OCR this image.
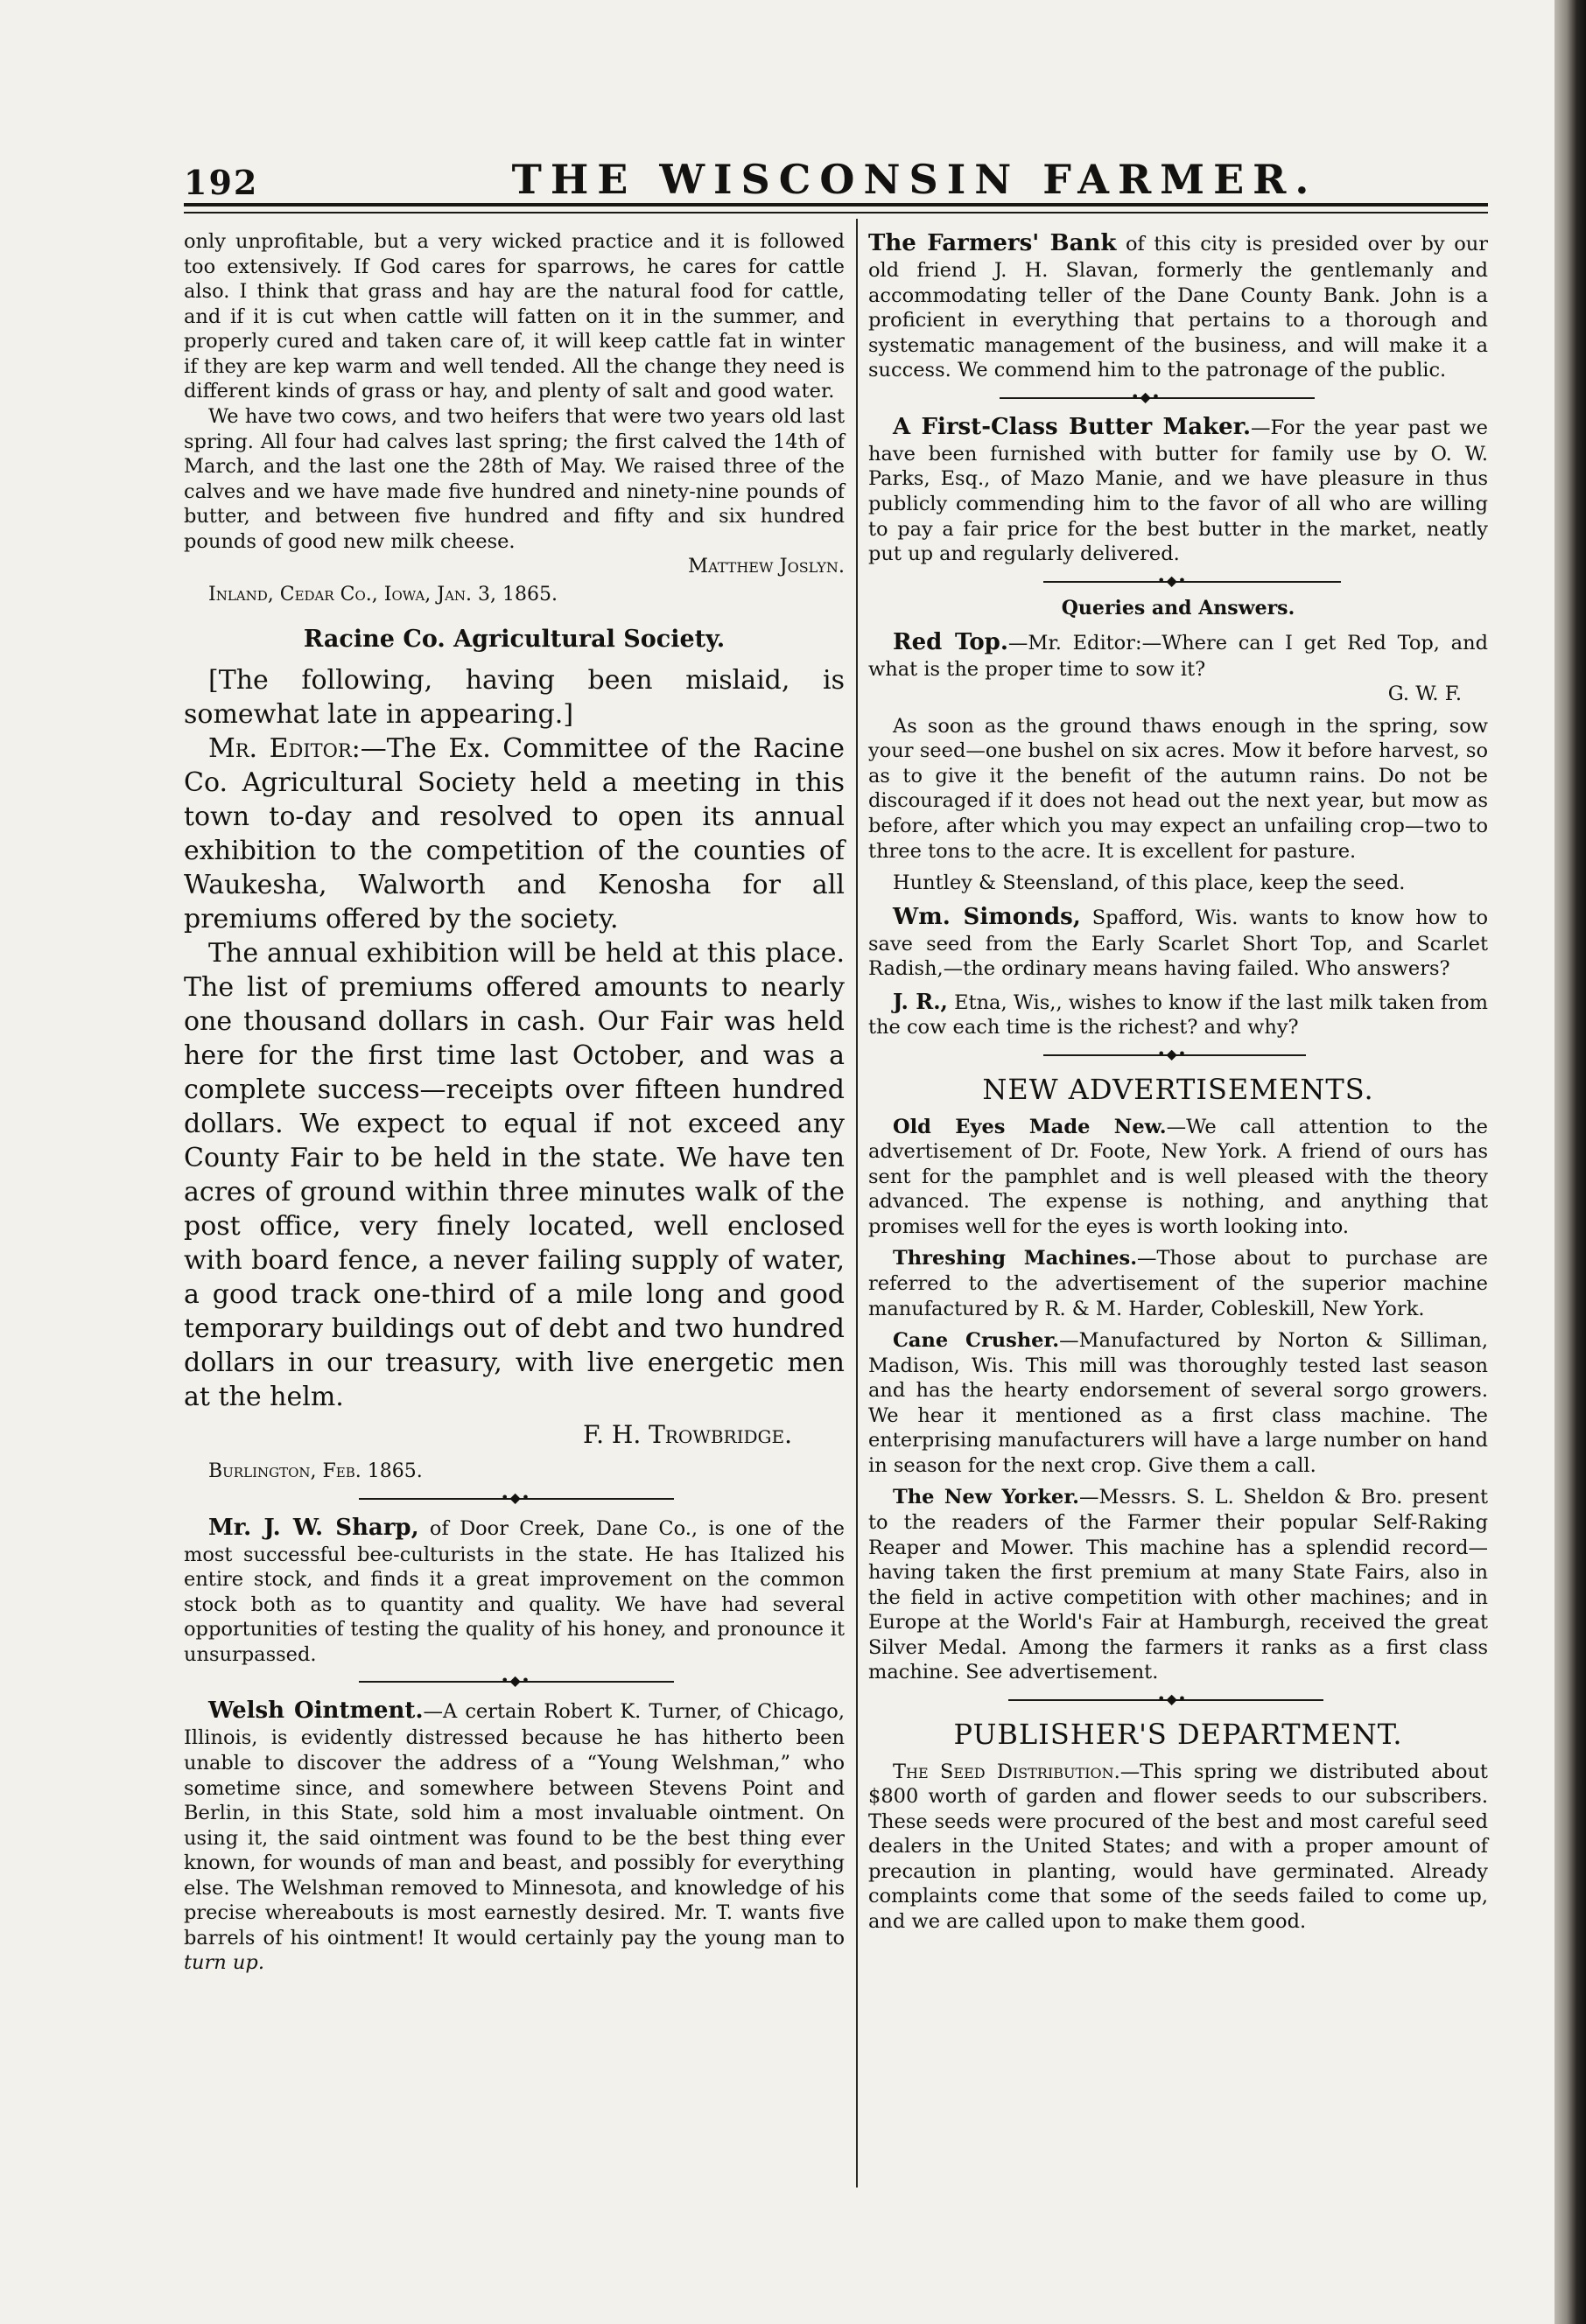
192	THE WISCONSIN FARMER.

only unprofitable, but a very wicked practice and it is followed too extensively. If God cares for sparrows, he cares for cattle also. I think that grass and hay are the natural food for cattle, and if it is cut when cattle will fatten on it in the summer, and properly cured and taken care of, it will keep cattle fat in winter if they are kep warm and well tended. All the change they need is different kinds of grass or hay, and plenty of salt and good water.

We have two cows, and two heifers that were two years old last spring. All four had calves last spring; the first calved the 14th of March, and the last one the 28th of May. We raised three of the calves and we have made five hundred and ninety-nine pounds of butter, and between five hundred and fifty and six hundred pounds of good new milk cheese.

Matthew Joslyn.

Inland, Cedar Co., Iowa, Jan. 3, 1865.

Racine Co. Agricultural Society.

[The following, having been mislaid, is somewhat late in appearing.]

Mr. Editor:—The Ex. Committee of the Racine Co. Agricultural Society held a meeting in this town to-day and resolved to open its annual exhibition to the competition of the counties of Waukesha, Walworth and Kenosha for all premiums offered by the society.

The annual exhibition will be held at this place. The list of premiums offered amounts to nearly one thousand dollars in cash. Our Fair was held here for the first time last October, and was a complete success—receipts over fifteen hundred dollars. We expect to equal if not exceed any County Fair to be held in the state. We have ten acres of ground within three minutes walk of the post office, very finely located, well enclosed with board fence, a never failing supply of water, a good track one-third of a mile long and good temporary buildings out of debt and two hundred dollars in our treasury, with live energetic men at the helm.

F. H. Trowbridge.

Burlington, Feb. 1865.

•◆•

Mr. J. W. Sharp, of Door Creek, Dane Co., is one of the most successful bee-culturists in the state. He has Italized his entire stock, and finds it a great improvement on the common stock both as to quantity and quality. We have had several opportunities of testing the quality of his honey, and pronounce it unsurpassed.

•◆•

Welsh Ointment.—A certain Robert K. Turner, of Chicago, Illinois, is evidently distressed because he has hitherto been unable to discover the address of a “Young Welshman,” who sometime since, and somewhere between Stevens Point and Berlin, in this State, sold him a most invaluable ointment. On using it, the said ointment was found to be the best thing ever known, for wounds of man and beast, and possibly for everything else. The Welshman removed to Minnesota, and knowledge of his precise whereabouts is most earnestly desired. Mr. T. wants five barrels of his ointment! It would certainly pay the young man to turn up.

The Farmers' Bank of this city is presided over by our old friend J. H. Slavan, formerly the gentlemanly and accommodating teller of the Dane County Bank. John is a proficient in everything that pertains to a thorough and systematic management of the business, and will make it a success. We commend him to the patronage of the public.

•◆•

A First-Class Butter Maker.—For the year past we have been furnished with butter for family use by O. W. Parks, Esq., of Mazo Manie, and we have pleasure in thus publicly commending him to the favor of all who are willing to pay a fair price for the best butter in the market, neatly put up and regularly delivered.

•◆•
Queries and Answers.

Red Top.—Mr. Editor:—Where can I get Red Top, and what is the proper time to sow it?

G. W. F.

As soon as the ground thaws enough in the spring, sow your seed—one bushel on six acres. Mow it before harvest, so as to give it the benefit of the autumn rains. Do not be discouraged if it does not head out the next year, but mow as before, after which you may expect an unfailing crop—two to three tons to the acre. It is excellent for pasture.

Huntley & Steensland, of this place, keep the seed.

Wm. Simonds, Spafford, Wis. wants to know how to save seed from the Early Scarlet Short Top, and Scarlet Radish,—the ordinary means having failed. Who answers?

J. R., Etna, Wis,, wishes to know if the last milk taken from the cow each time is the richest? and why?

•◆•
NEW ADVERTISEMENTS.

Old Eyes Made New.—We call attention to the advertisement of Dr. Foote, New York. A friend of ours has sent for the pamphlet and is well pleased with the theory advanced. The expense is nothing, and anything that promises well for the eyes is worth looking into.

Threshing Machines.—Those about to purchase are referred to the advertisement of the superior machine manufactured by R. & M. Harder, Cobleskill, New York.

Cane Crusher.—Manufactured by Norton & Silliman, Madison, Wis. This mill was thoroughly tested last season and has the hearty endorsement of several sorgo growers. We hear it mentioned as a first class machine. The enterprising manufacturers will have a large number on hand in season for the next crop. Give them a call.

The New Yorker.—Messrs. S. L. Sheldon & Bro. present to the readers of the Farmer their popular Self-Raking Reaper and Mower. This machine has a splendid record—having taken the first premium at many State Fairs, also in the field in active competition with other machines; and in Europe at the World's Fair at Hamburgh, received the great Silver Medal. Among the farmers it ranks as a first class machine. See advertisement.

•◆•
PUBLISHER'S DEPARTMENT.

The Seed Distribution.—This spring we distributed about $800 worth of garden and flower seeds to our subscribers. These seeds were procured of the best and most careful seed dealers in the United States; and with a proper amount of precaution in planting, would have germinated. Already complaints come that some of the seeds failed to come up, and we are called upon to make them good.
